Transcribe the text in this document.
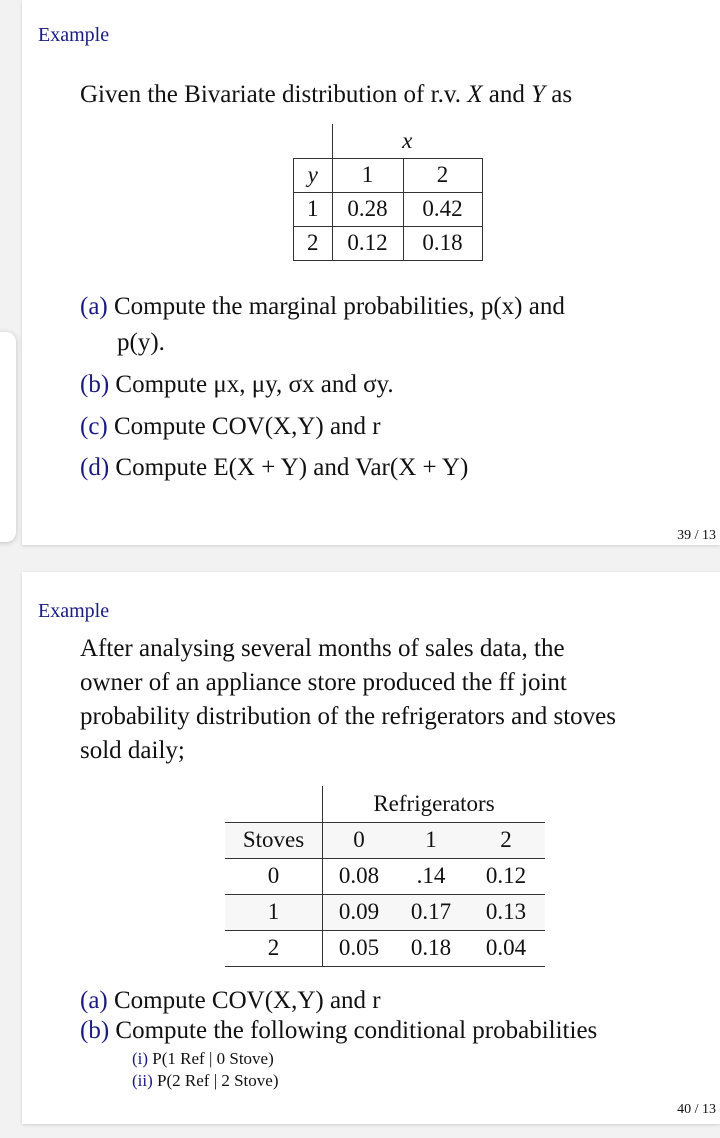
Example
Given the Bivariate distribution of r.v. X and Y as
	x	
y	1	2
1	0.28	0.42
2	0.12	0.18
(a) Compute the marginal probabilities, p(x) and
p(y).
(b) Compute μx, μy, σx and σy.
(c) Compute COV(X,Y) and r
(d) Compute E(X + Y) and Var(X + Y)
39 / 13
Example
After analysing several months of sales data, the
owner of an appliance store produced the ff joint
probability distribution of the refrigerators and stoves
sold daily;
	Refrigerators		
Stoves	0	1	2
0	0.08	.14	0.12
1	0.09	0.17	0.13
2	0.05	0.18	0.04
(a) Compute COV(X,Y) and r
(b) Compute the following conditional probabilities
(i) P(1 Ref | 0 Stove)
(ii) P(2 Ref | 2 Stove)
40 / 13
